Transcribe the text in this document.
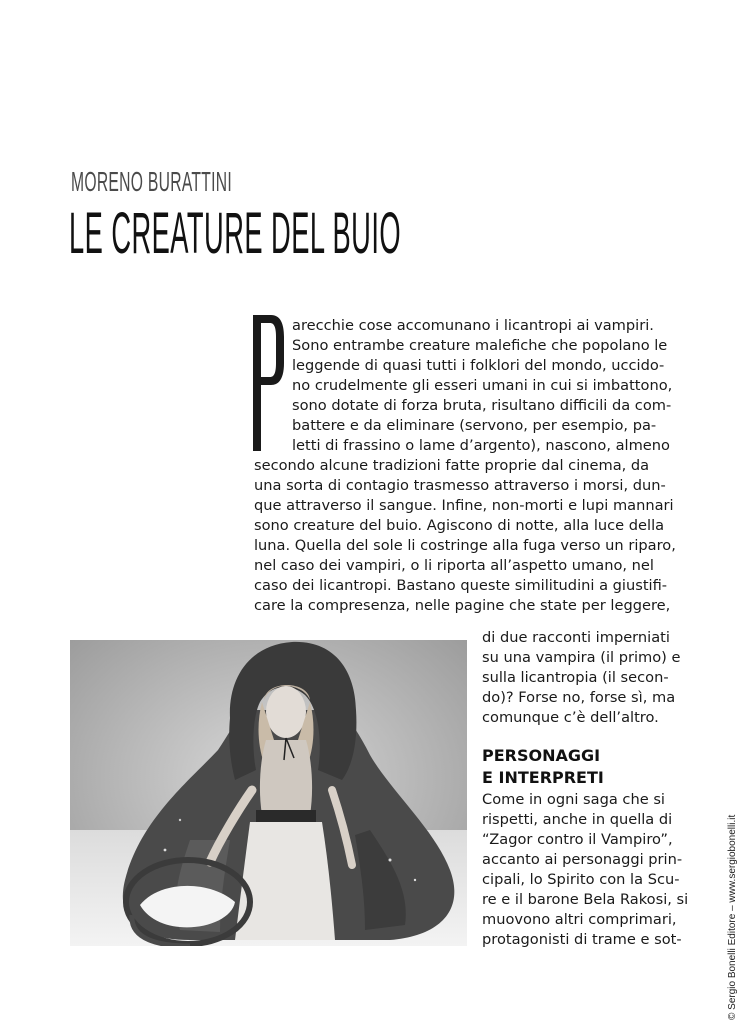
MORENO BURATTINI
LE CREATURE DEL BUIO
arecchie cose accomunano i licantropi ai vampiri.
Sono entrambe creature malefiche che popolano le
leggende di quasi tutti i folklori del mondo, uccido-
no crudelmente gli esseri umani in cui si imbattono,
sono dotate di forza bruta, risultano difficili da com-
battere e da eliminare (servono, per esempio, pa-
letti di frassino o lame d’argento), nascono, almeno
secondo alcune tradizioni fatte proprie dal cinema, da
una sorta di contagio trasmesso attraverso i morsi, dun-
que attraverso il sangue. Infine, non-morti e lupi mannari
sono creature del buio. Agiscono di notte, alla luce della
luna. Quella del sole li costringe alla fuga verso un riparo,
nel caso dei vampiri, o li riporta all’aspetto umano, nel
caso dei licantropi. Bastano queste similitudini a giustifi-
care la compresenza, nelle pagine che state per leggere,
di due racconti imperniati
su una vampira (il primo) e
sulla licantropia (il secon-
do)? Forse no, forse sì, ma
comunque c’è dell’altro.
PERSONAGGI
E INTERPRETI
Come in ogni saga che si
rispetti, anche in quella di
“Zagor contro il Vampiro”,
accanto ai personaggi prin-
cipali, lo Spirito con la Scu-
re e il barone Bela Rakosi, si
muovono altri comprimari,
protagonisti di trame e sot-	© Sergio Bonelli Editore – www.sergiobonelli.it
